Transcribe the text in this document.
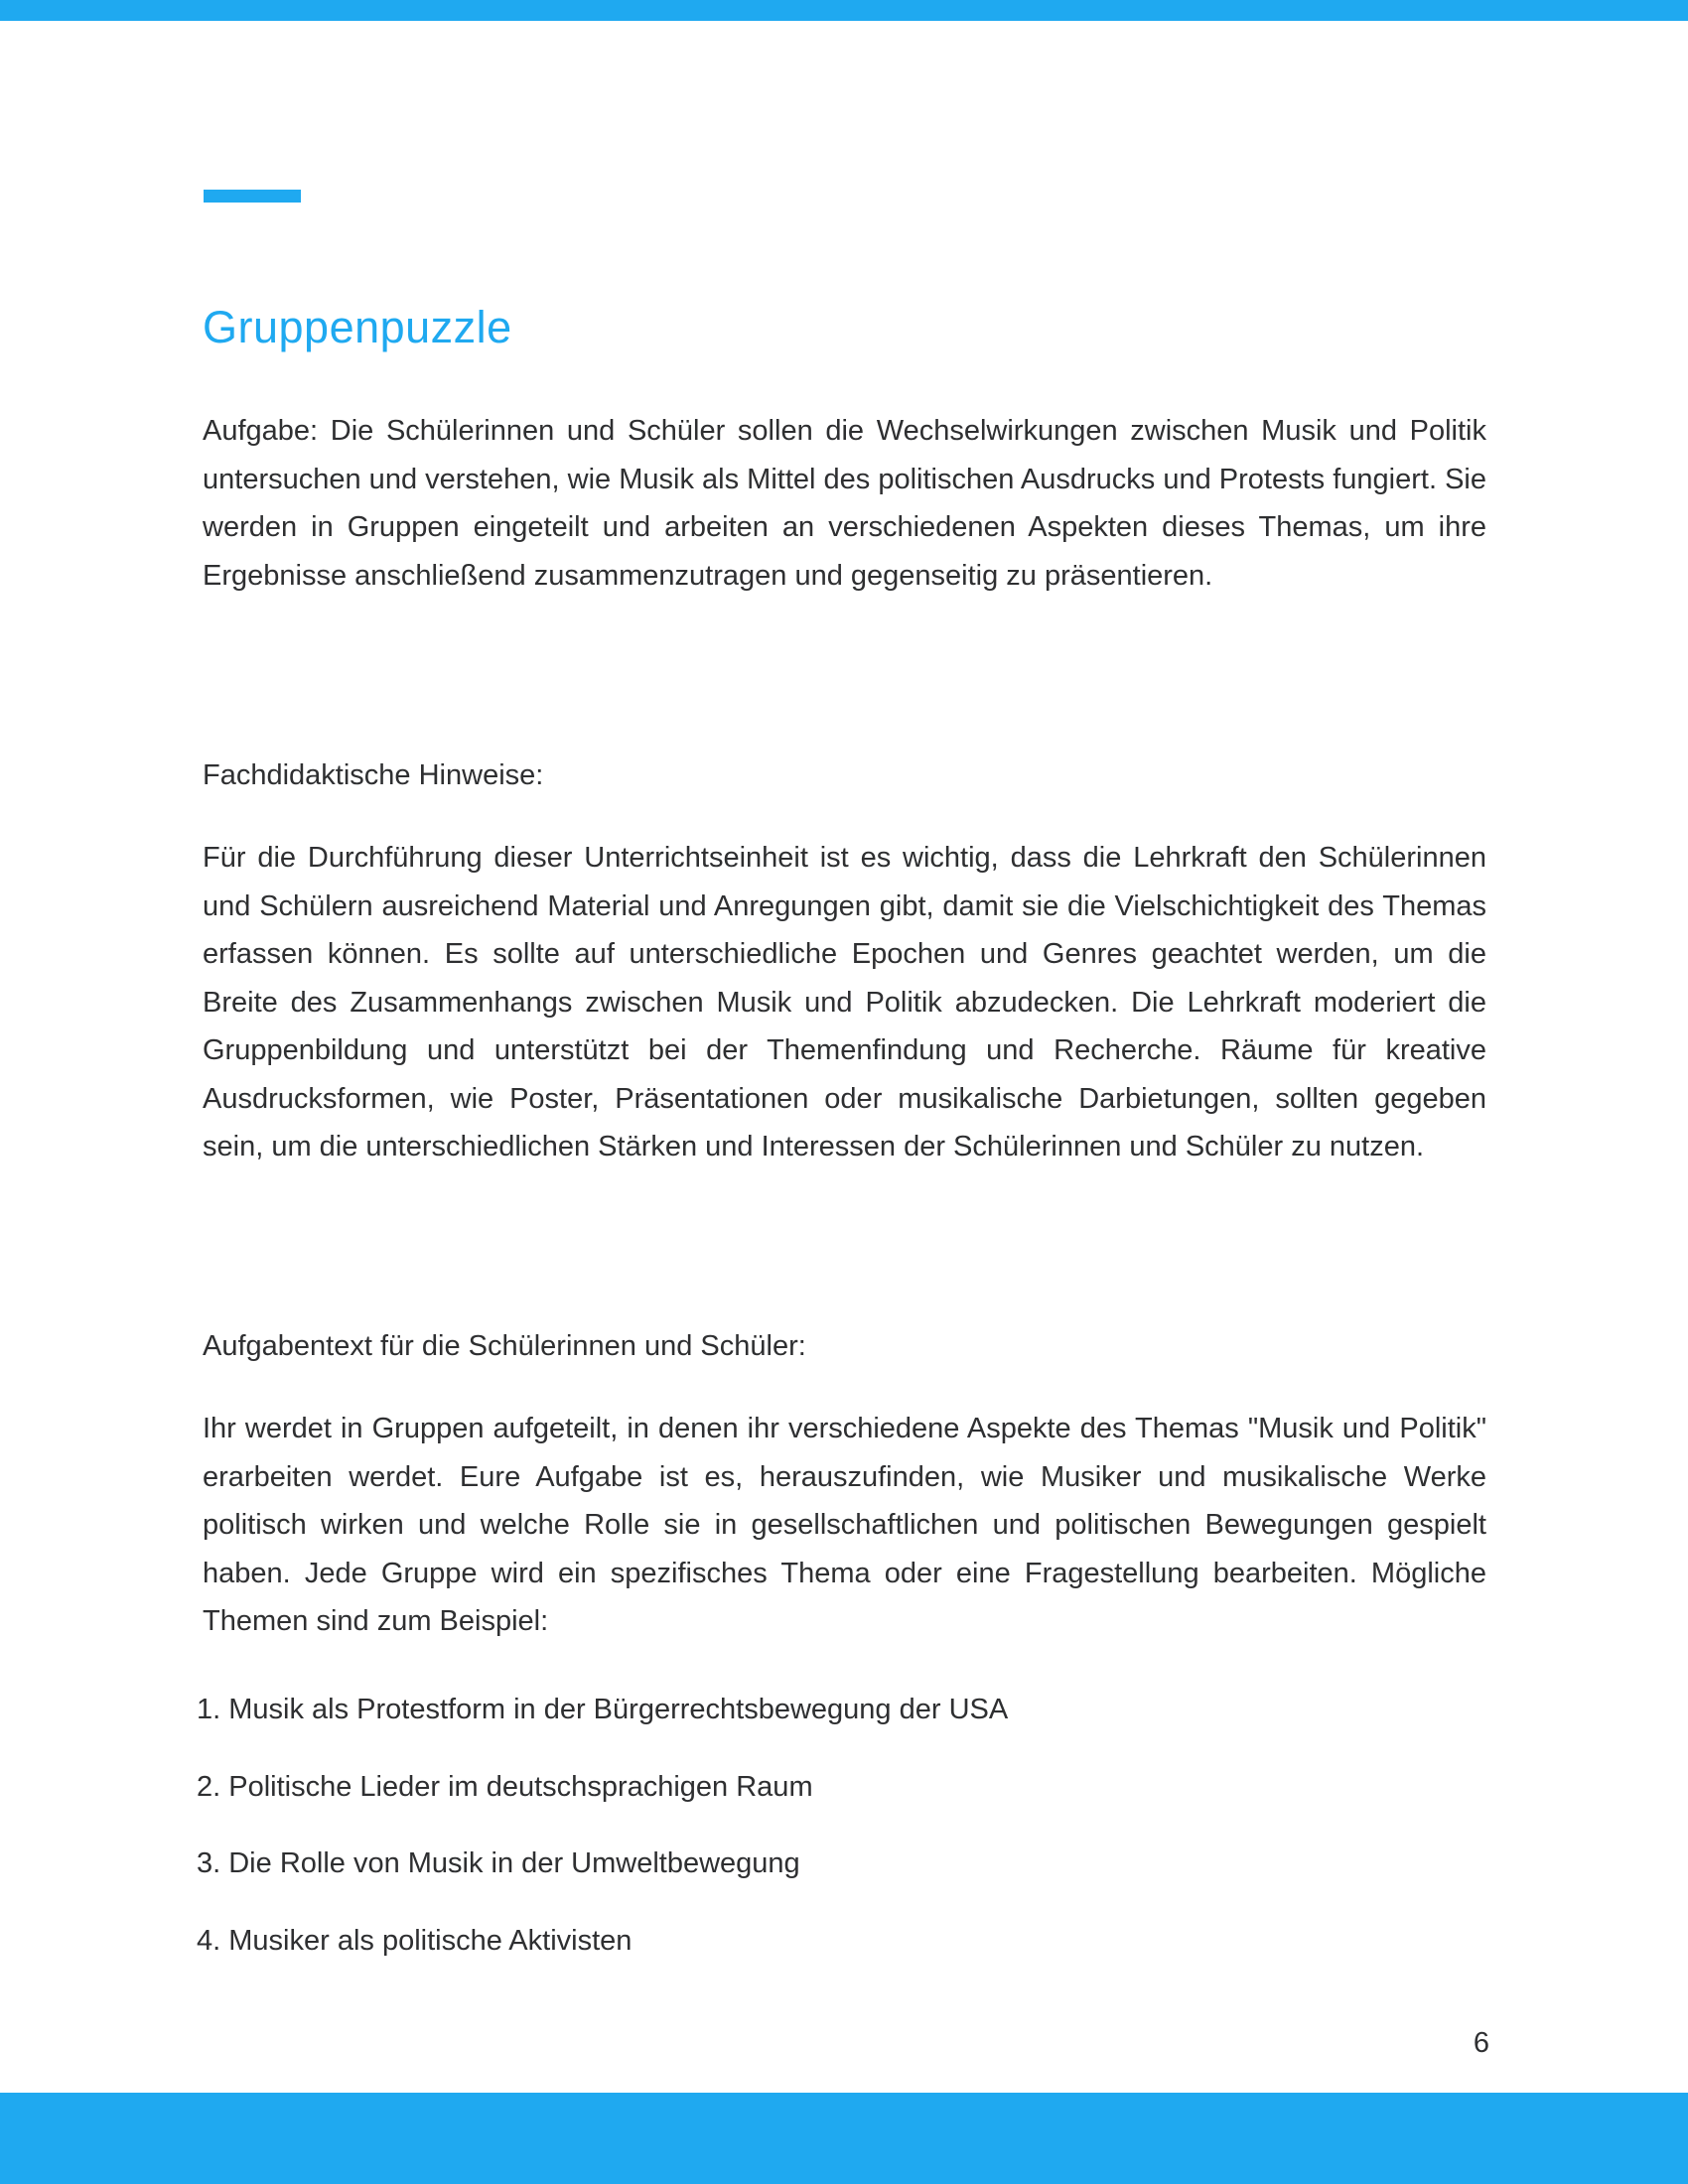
Gruppenpuzzle

Aufgabe: Die Schülerinnen und Schüler sollen die Wechselwirkungen zwischen Musik und Politik untersuchen und verstehen, wie Musik als Mittel des politischen Ausdrucks und Protests fungiert. Sie werden in Gruppen eingeteilt und arbeiten an verschiedenen Aspekten dieses Themas, um ihre Ergebnisse anschließend zusammenzutragen und gegenseitig zu präsentieren.

Fachdidaktische Hinweise:

Für die Durchführung dieser Unterrichtseinheit ist es wichtig, dass die Lehrkraft den Schülerinnen und Schülern ausreichend Material und Anregungen gibt, damit sie die Vielschichtigkeit des Themas erfassen können. Es sollte auf unterschiedliche Epochen und Genres geachtet werden, um die Breite des Zusammenhangs zwischen Musik und Politik abzudecken. Die Lehrkraft moderiert die Gruppenbildung und unterstützt bei der Themenfindung und Recherche. Räume für kreative Ausdrucksformen, wie Poster, Präsentationen oder musikalische Darbietungen, sollten gegeben sein, um die unterschiedlichen Stärken und Interessen der Schülerinnen und Schüler zu nutzen.

Aufgabentext für die Schülerinnen und Schüler:

Ihr werdet in Gruppen aufgeteilt, in denen ihr verschiedene Aspekte des Themas "Musik und Politik" erarbeiten werdet. Eure Aufgabe ist es, herauszufinden, wie Musiker und musikalische Werke politisch wirken und welche Rolle sie in gesellschaftlichen und politischen Bewegungen gespielt haben. Jede Gruppe wird ein spezifisches Thema oder eine Fragestellung bearbeiten. Mögliche Themen sind zum Beispiel:

1. Musik als Protestform in der Bürgerrechtsbewegung der USA
2. Politische Lieder im deutschsprachigen Raum
3. Die Rolle von Musik in der Umweltbewegung
4. Musiker als politische Aktivisten
6
